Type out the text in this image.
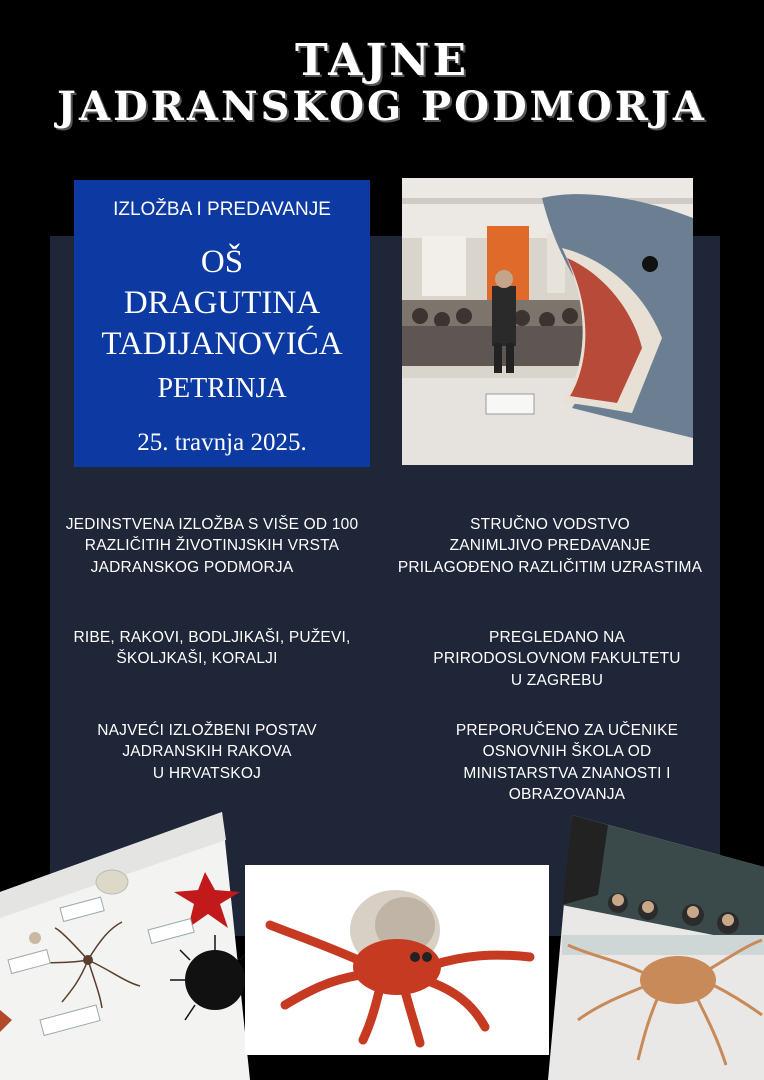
TAJNE
JADRANSKOG PODMORJA
IZLOŽBA I PREDAVANJE
OŠ
DRAGUTINA
TADIJANOVIĆA
PETRINJA
25. travnja 2025.
JEDINSTVENA IZLOŽBA S VIŠE OD 100
RAZLIČITIH ŽIVOTINJSKIH VRSTA
JADRANSKOG PODMORJA
RIBE, RAKOVI, BODLJIKAŠI, PUŽEVI,
ŠKOLJKAŠI, KORALJI
NAJVEĆI IZLOŽBENI POSTAV
JADRANSKIH RAKOVA
U HRVATSKOJ
STRUČNO VODSTVO
ZANIMLJIVO PREDAVANJE
PRILAGOĐENO RAZLIČITIM UZRASTIMA
PREGLEDANO NA
PRIRODOSLOVNOM FAKULTETU
U ZAGREBU
PREPORUČENO ZA UČENIKE
OSNOVNIH ŠKOLA OD
MINISTARSTVA ZNANOSTI I
OBRAZOVANJA
